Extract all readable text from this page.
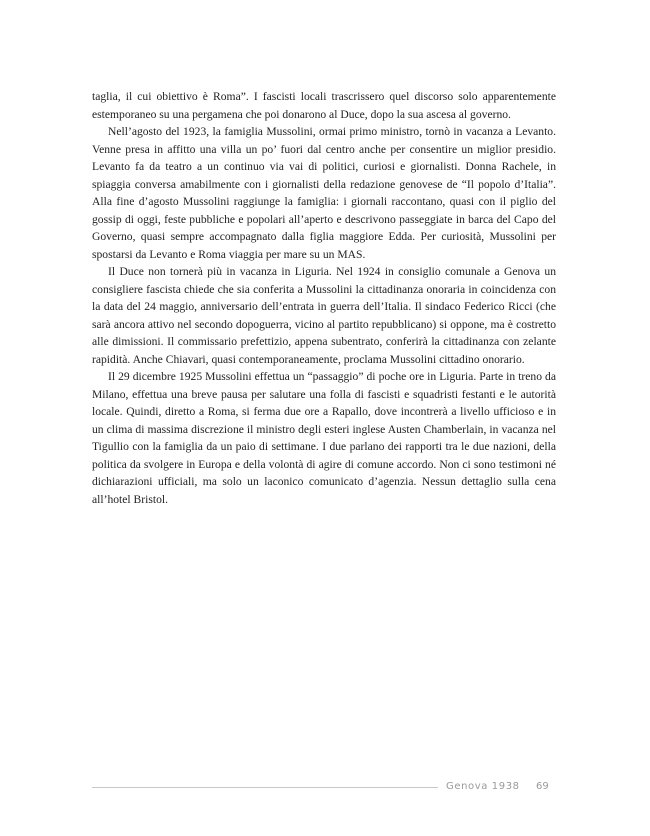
taglia, il cui obiettivo è Roma”. I fascisti locali trascrissero quel discorso solo apparentemente estemporaneo su una pergamena che poi donarono al Duce, dopo la sua ascesa al governo.

Nell’agosto del 1923, la famiglia Mussolini, ormai primo ministro, tornò in vacanza a Levanto. Venne presa in affitto una villa un po’ fuori dal centro anche per consentire un miglior presidio. Levanto fa da teatro a un continuo via vai di politici, curiosi e giornalisti. Donna Rachele, in spiaggia conversa amabilmente con i giornalisti della redazione genovese de “Il popolo d’Italia”. Alla fine d’agosto Mussolini raggiunge la famiglia: i giornali raccontano, quasi con il piglio del gossip di oggi, feste pubbliche e popolari all’aperto e descrivono passeggiate in barca del Capo del Governo, quasi sempre accompagnato dalla figlia maggiore Edda. Per curiosità, Mussolini per spostarsi da Levanto e Roma viaggia per mare su un MAS.

Il Duce non tornerà più in vacanza in Liguria. Nel 1924 in consiglio comunale a Genova un consigliere fascista chiede che sia conferita a Mussolini la cittadinanza onoraria in coincidenza con la data del 24 maggio, anniversario dell’entrata in guerra dell’Italia. Il sindaco Federico Ricci (che sarà ancora attivo nel secondo dopoguerra, vicino al partito repubblicano) si oppone, ma è costretto alle dimissioni. Il commissario prefettizio, appena subentrato, conferirà la cittadinanza con zelante rapidità. Anche Chiavari, quasi contemporaneamente, proclama Mussolini cittadino onorario.

Il 29 dicembre 1925 Mussolini effettua un “passaggio” di poche ore in Liguria. Parte in treno da Milano, effettua una breve pausa per salutare una folla di fascisti e squadristi festanti e le autorità locale. Quindi, diretto a Roma, si ferma due ore a Rapallo, dove incontrerà a livello ufficioso e in un clima di massima discrezione il ministro degli esteri inglese Austen Chamberlain, in vacanza nel Tigullio con la famiglia da un paio di settimane. I due parlano dei rapporti tra le due nazioni, della politica da svolgere in Europa e della volontà di agire di comune accordo. Non ci sono testimoni né dichiarazioni ufficiali, ma solo un laconico comunicato d’agenzia. Nessun dettaglio sulla cena all’hotel Bristol.

Genova 1938 69
